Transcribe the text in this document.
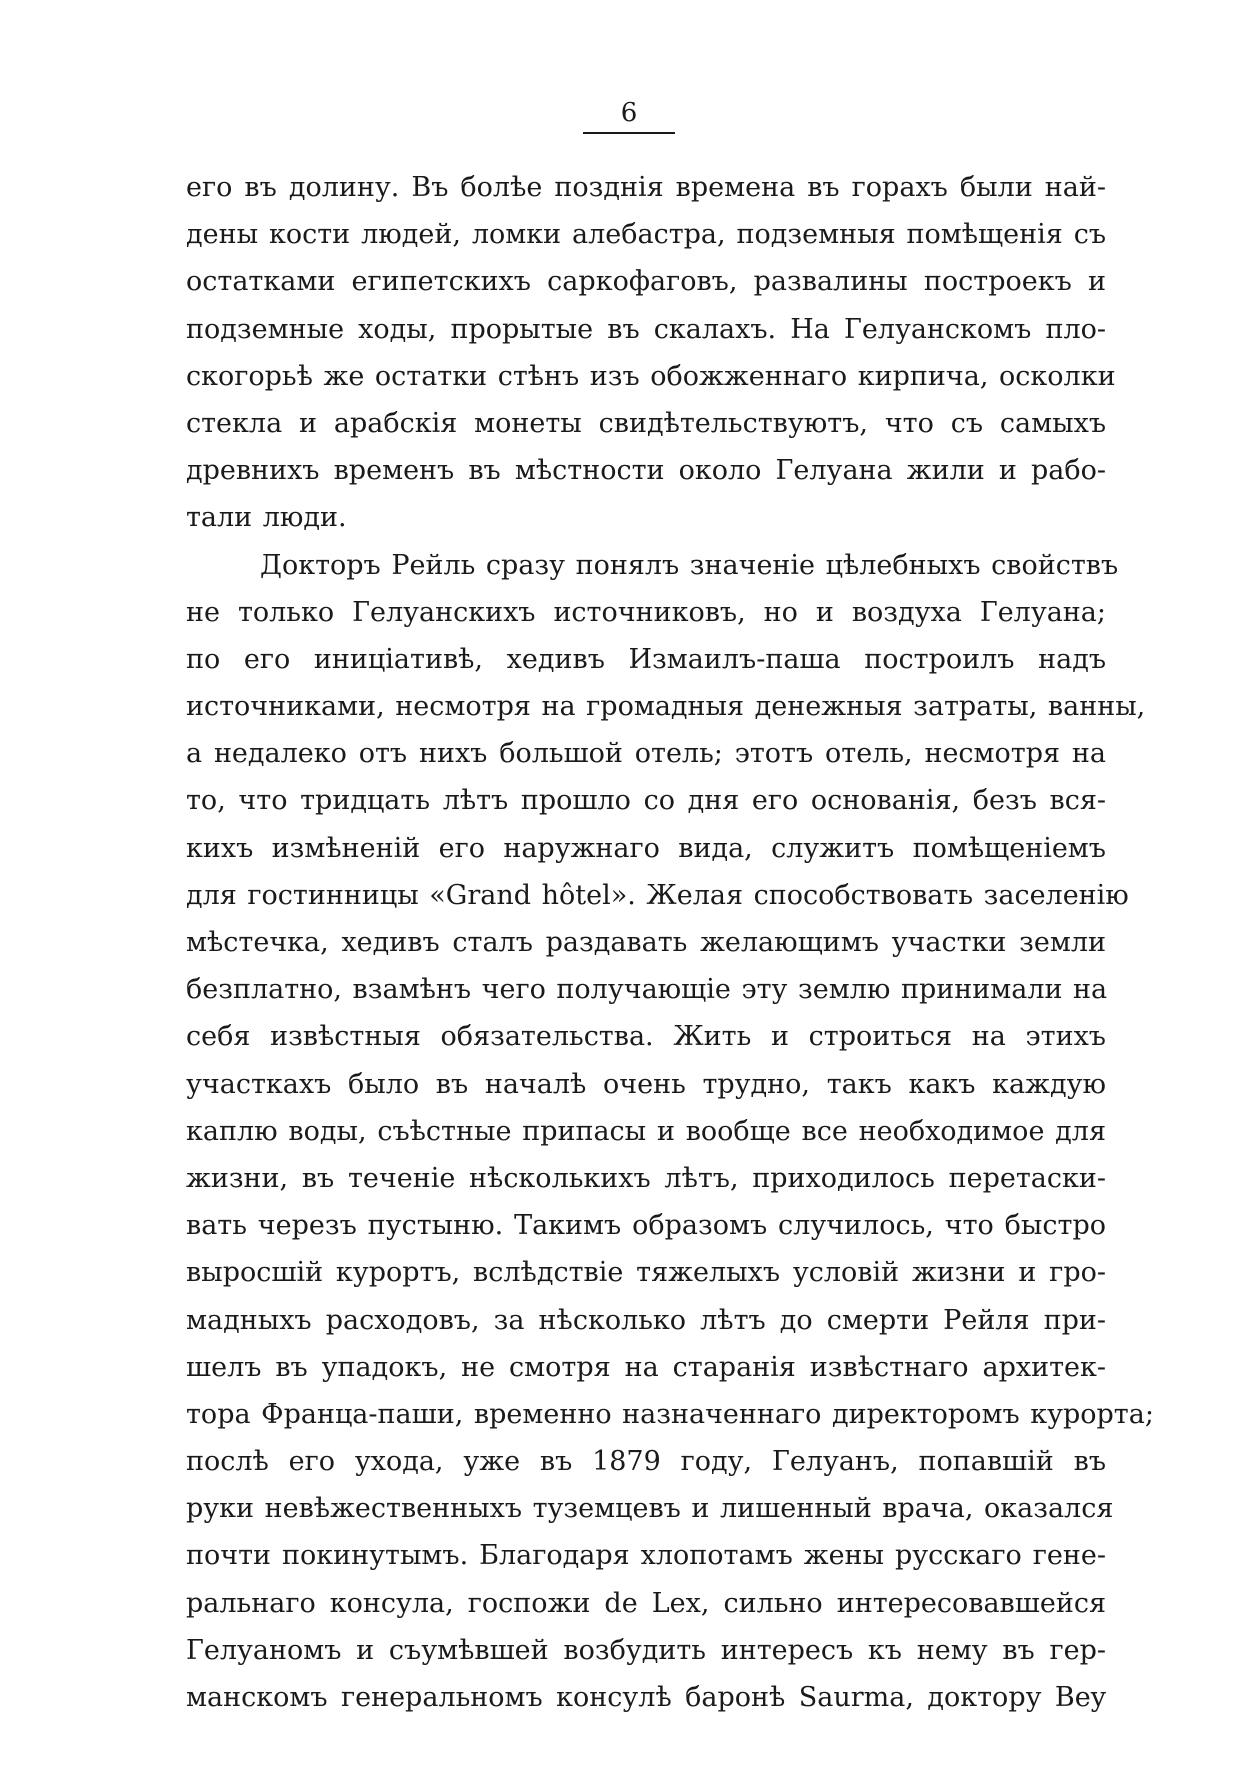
6
его въ долину. Въ болѣе позднія времена въ горахъ были най-
дены кости людей, ломки алебастра, подземныя помѣщенія съ
остатками египетскихъ саркофаговъ, развалины построекъ и
подземные ходы, прорытые въ скалахъ. На Гелуанскомъ пло-
скогорьѣ же остатки стѣнъ изъ обожженнаго кирпича, осколки
стекла и арабскія монеты свидѣтельствуютъ, что съ самыхъ
древнихъ временъ въ мѣстности около Гелуана жили и рабо-
тали люди.
Докторъ Рейль сразу понялъ значеніе цѣлебныхъ свойствъ
не только Гелуанскихъ источниковъ, но и воздуха Гелуана;
по его иниціативѣ, хедивъ Измаилъ-паша построилъ надъ
источниками, несмотря на громадныя денежныя затраты, ванны,
а недалеко отъ нихъ большой отель; этотъ отель, несмотря на
то, что тридцать лѣтъ прошло со дня его основанія, безъ вся-
кихъ измѣненій его наружнаго вида, служитъ помѣщеніемъ
для гостинницы «Grand hôtel». Желая способствовать заселенію
мѣстечка, хедивъ сталъ раздавать желающимъ участки земли
безплатно, взамѣнъ чего получающіе эту землю принимали на
себя извѣстныя обязательства. Жить и строиться на этихъ
участкахъ было въ началѣ очень трудно, такъ какъ каждую
каплю воды, съѣстные припасы и вообще все необходимое для
жизни, въ теченіе нѣсколькихъ лѣтъ, приходилось перетаски-
вать черезъ пустыню. Такимъ образомъ случилось, что быстро
выросшій курортъ, вслѣдствіе тяжелыхъ условій жизни и гро-
мадныхъ расходовъ, за нѣсколько лѣтъ до смерти Рейля при-
шелъ въ упадокъ, не смотря на старанія извѣстнаго архитек-
тора Франца-паши, временно назначеннаго директоромъ курорта;
послѣ его ухода, уже въ 1879 году, Гелуанъ, попавшій въ
руки невѣжественныхъ туземцевъ и лишенный врача, оказался
почти покинутымъ. Благодаря хлопотамъ жены русскаго гене-
ральнаго консула, госпожи de Lex, сильно интересовавшейся
Гелуаномъ и съумѣвшей возбудить интересъ къ нему въ гер-
манскомъ генеральномъ консулѣ баронѣ Saurma, доктору Bey
